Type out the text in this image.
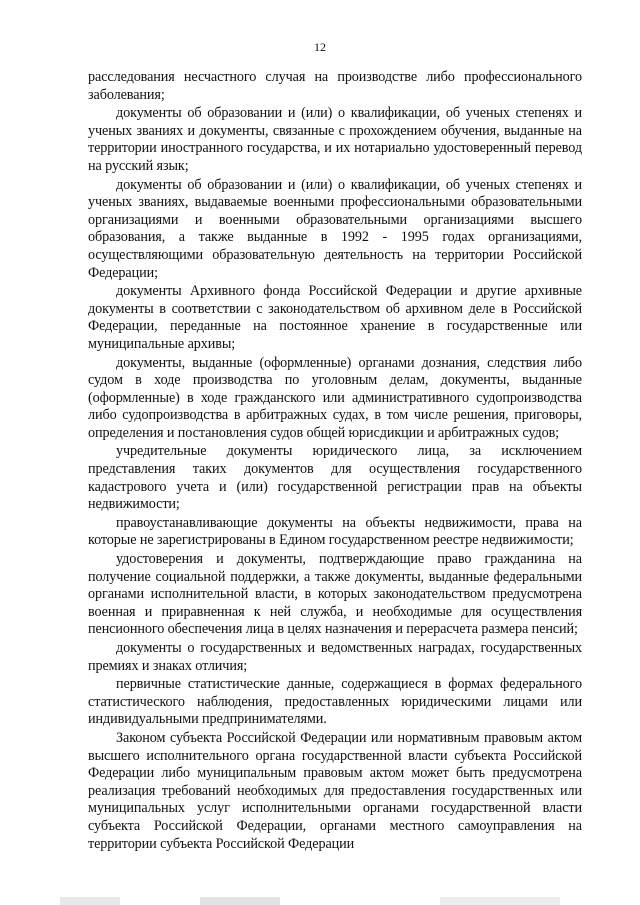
12

расследования несчастного случая на производстве либо профессионального заболевания;

документы об образовании и (или) о квалификации, об ученых степенях и ученых званиях и документы, связанные с прохождением обучения, выданные на территории иностранного государства, и их нотариально удостоверенный перевод на русский язык;

документы об образовании и (или) о квалификации, об ученых степенях и ученых званиях, выдаваемые военными профессиональными образовательными организациями и военными образовательными организациями высшего образования, а также выданные в 1992 - 1995 годах организациями, осуществляющими образовательную деятельность на территории Российской Федерации;

документы Архивного фонда Российской Федерации и другие архивные документы в соответствии с законодательством об архивном деле в Российской Федерации, переданные на постоянное хранение в государственные или муниципальные архивы;

документы, выданные (оформленные) органами дознания, следствия либо судом в ходе производства по уголовным делам, документы, выданные (оформленные) в ходе гражданского или административного судопроизводства либо судопроизводства в арбитражных судах, в том числе решения, приговоры, определения и постановления судов общей юрисдикции и арбитражных судов;

учредительные документы юридического лица, за исключением представления таких документов для осуществления государственного кадастрового учета и (или) государственной регистрации прав на объекты недвижимости;

правоустанавливающие документы на объекты недвижимости, права на которые не зарегистрированы в Едином государственном реестре недвижимости;

удостоверения и документы, подтверждающие право гражданина на получение социальной поддержки, а также документы, выданные федеральными органами исполнительной власти, в которых законодательством предусмотрена военная и приравненная к ней служба, и необходимые для осуществления пенсионного обеспечения лица в целях назначения и перерасчета размера пенсий;

документы о государственных и ведомственных наградах, государственных премиях и знаках отличия;

первичные статистические данные, содержащиеся в формах федерального статистического наблюдения, предоставленных юридическими лицами или индивидуальными предпринимателями.

Законом субъекта Российской Федерации или нормативным правовым актом высшего исполнительного органа государственной власти субъекта Российской Федерации либо муниципальным правовым актом может быть предусмотрена реализация требований необходимых для предоставления государственных или муниципальных услуг исполнительными органами государственной власти субъекта Российской Федерации, органами местного самоуправления на территории субъекта Российской Федерации
